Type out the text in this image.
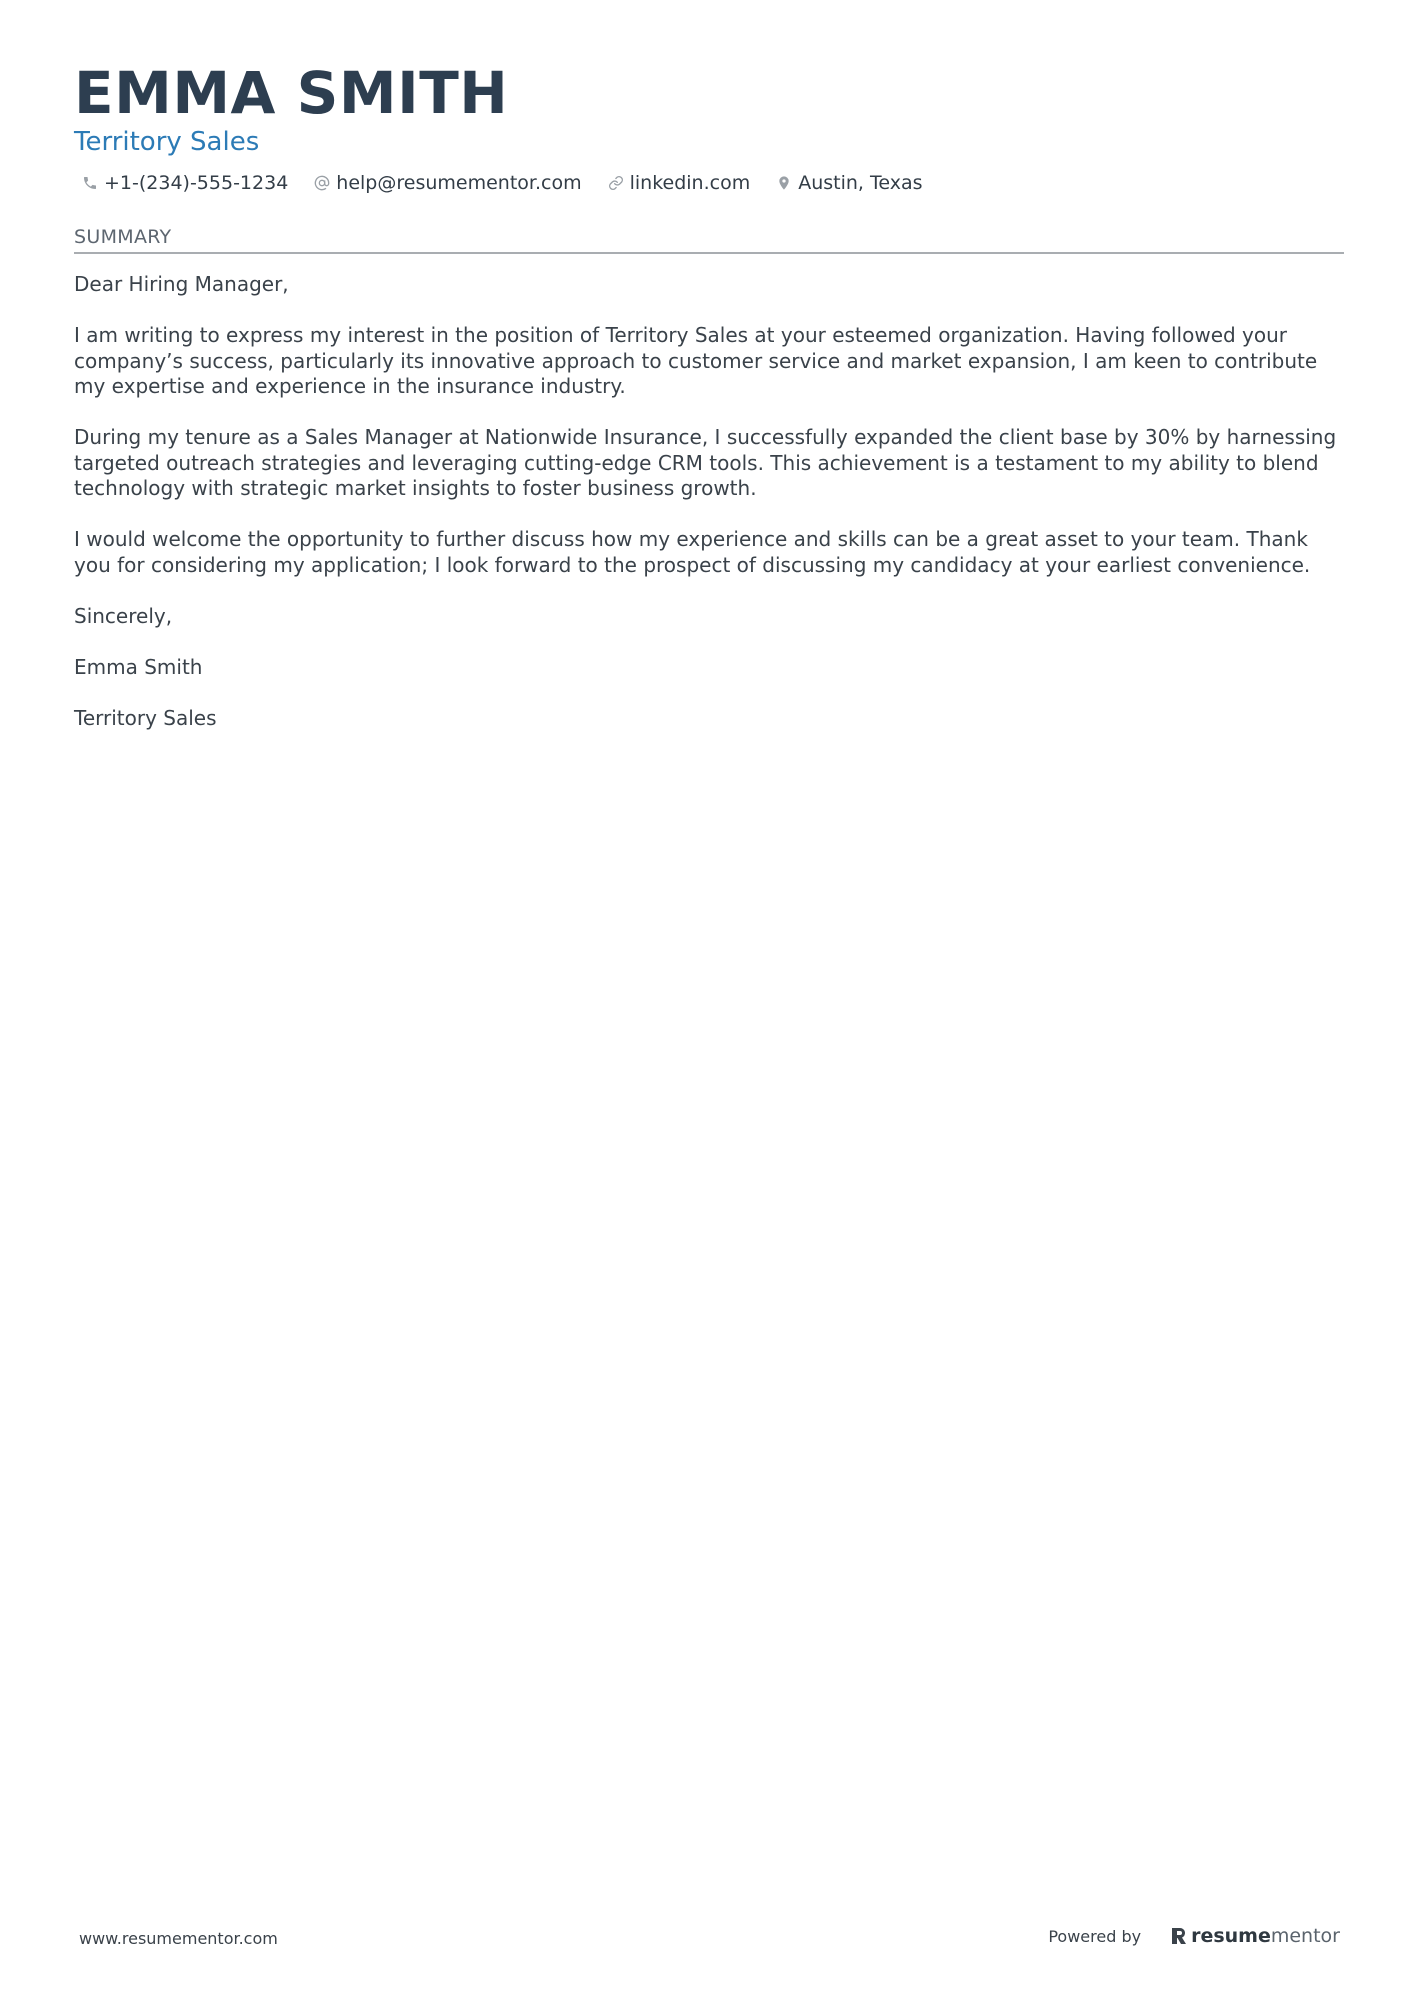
EMMA SMITH
Territory Sales
+1-(234)-555-1234	help@resumementor.com	linkedin.com	Austin, Texas
SUMMARY

Dear Hiring Manager,

I am writing to express my interest in the position of Territory Sales at your esteemed organization. Having followed your company’s success, particularly its innovative approach to customer service and market expansion, I am keen to contribute my expertise and experience in the insurance industry.

During my tenure as a Sales Manager at Nationwide Insurance, I successfully expanded the client base by 30% by harnessing targeted outreach strategies and leveraging cutting-edge CRM tools. This achievement is a testament to my ability to blend technology with strategic market insights to foster business growth.

I would welcome the opportunity to further discuss how my experience and skills can be a great asset to your team. Thank you for considering my application; I look forward to the prospect of discussing my candidacy at your earliest convenience.

Sincerely,

Emma Smith

Territory Sales

www.resumementor.com	Powered by	resume mentor
